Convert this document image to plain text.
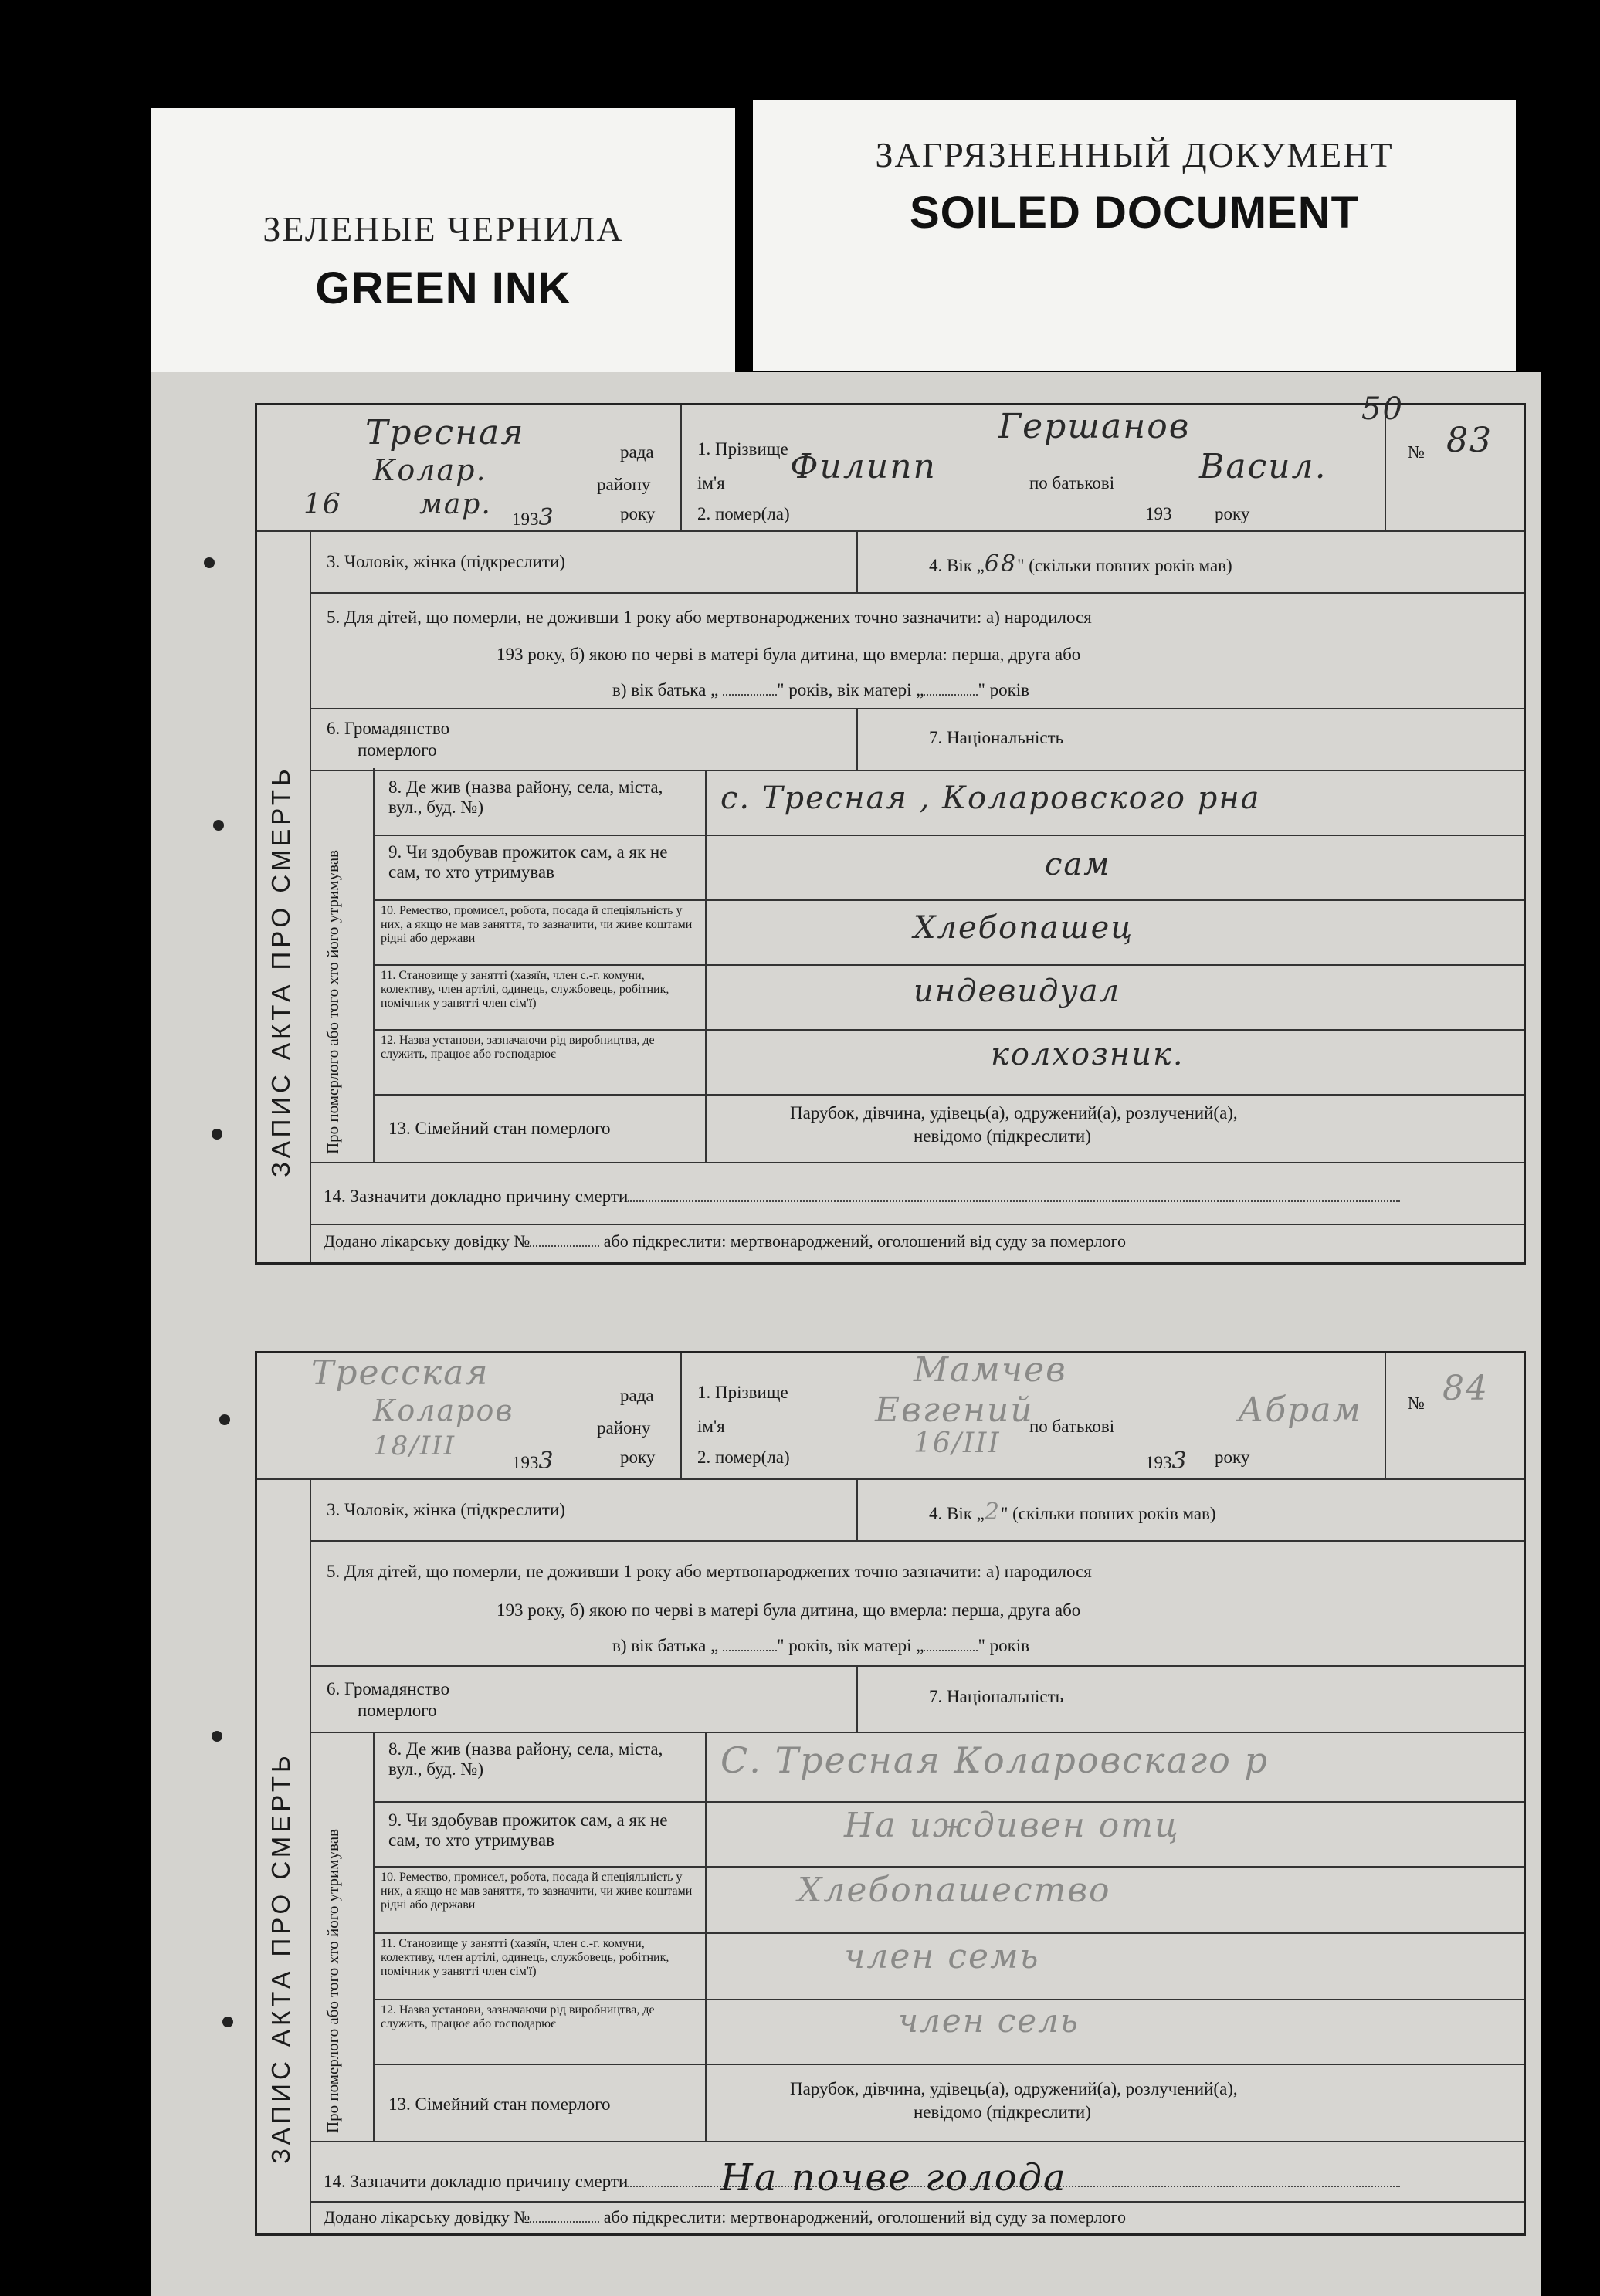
ЗЕЛЕНЫЕ ЧЕРНИЛА
GREEN INK
ЗАГРЯЗНЕННЫЙ ДОКУМЕНТ
SOILED DOCUMENT
Тресная	рада
Колар.	районy
16	мар. 1933	року
1. Прізвище
Гершанов
ім'я Филипп	по батькові Васил.
2. помер(ла)	193 року
50
№ 83
ЗАПИС АКТА ПРО СМЕРТЬ Про померлого або того хто його утримував
3. Чоловік, жінка (підкреслити)	4. Вік „68" (скільки повних років мав)
5. Для дітей, що померли, не доживши 1 року або мертвонароджених точно зазначити: а) народилося
193 року, б) якою по черві в матері була дитина, що вмерла: перша, друга або
в) вік батька „	" років, вік матері „	" років
6. Громадянство
померлого
7. Національність
8. Де жив (назва району, села, міста, вул., буд. №)	с. Тресная , Коларовского рна
9. Чи здобував прожиток сам, а як не сам, то хто утримував	сам
10. Ремество, промисел, робота, посада й спеціяльність у них, а якщо не мав заняття, то зазначити, чи живе коштами рідні або держави	Хлебопашец
11. Становище у занятті (хазяїн, член с.-г. комуни, колективу, член артілі, одинець, службовець, робітник, помічник у занятті член сім'ї)	индевидуал
12. Назва установи, зазначаючи рід виробництва, де служить, працює або господарює	колхозник.
13. Сімейний стан померлого
Парубок, дівчина, удівець(а), одружений(а), розлучений(а),
невідомо (підкреслити)
14. Зазначити докладно причину смерти
Додано лікарську довідку №	або підкреслити: мертвонароджений, оголошений від суду за померлого
Тресская
рада
Коларов
районy
18/III
1933	року
1. Прізвище
Мамчев
ім'я	Евгений
по батькові	Абрам
2. помер(ла)	16/III
1933 року
№ 84
ЗАПИС АКТА ПРО СМЕРТЬ Про померлого або того хто його утримував
3. Чоловік, жінка (підкреслити)	4. Вік „2" (скільки повних років мав)
5. Для дітей, що померли, не доживши 1 року або мертвонароджених точно зазначити: а) народилося
193 року, б) якою по черві в матері була дитина, що вмерла: перша, друга або
в) вік батька „	" років, вік матері „	" років
6. Громадянство
померлого
7. Національність
8. Де жив (назва району, села, міста, вул., буд. №)	С. Тресная Коларовскаго р
9. Чи здобував прожиток сам, а як не сам, то хто утримував	На иждивен отц
10. Ремество, промисел, робота, посада й спеціяльність у них, а якщо не мав заняття, то зазначити, чи живе коштами рідні або держави	Хлебопашество
11. Становище у занятті (хазяїн, член с.-г. комуни, колективу, член артілі, одинець, службовець, робітник, помічник у занятті член сім'ї)	член семь
12. Назва установи, зазначаючи рід виробництва, де служить, працює або господарює	член сель
13. Сімейний стан померлого
Парубок, дівчина, удівець(а), одружений(а), розлучений(а),
невідомо (підкреслити)
14. Зазначити докладно причину смерти	На почве голода
Додано лікарську довідку №	або підкреслити: мертвонароджений, оголошений від суду за померлого
